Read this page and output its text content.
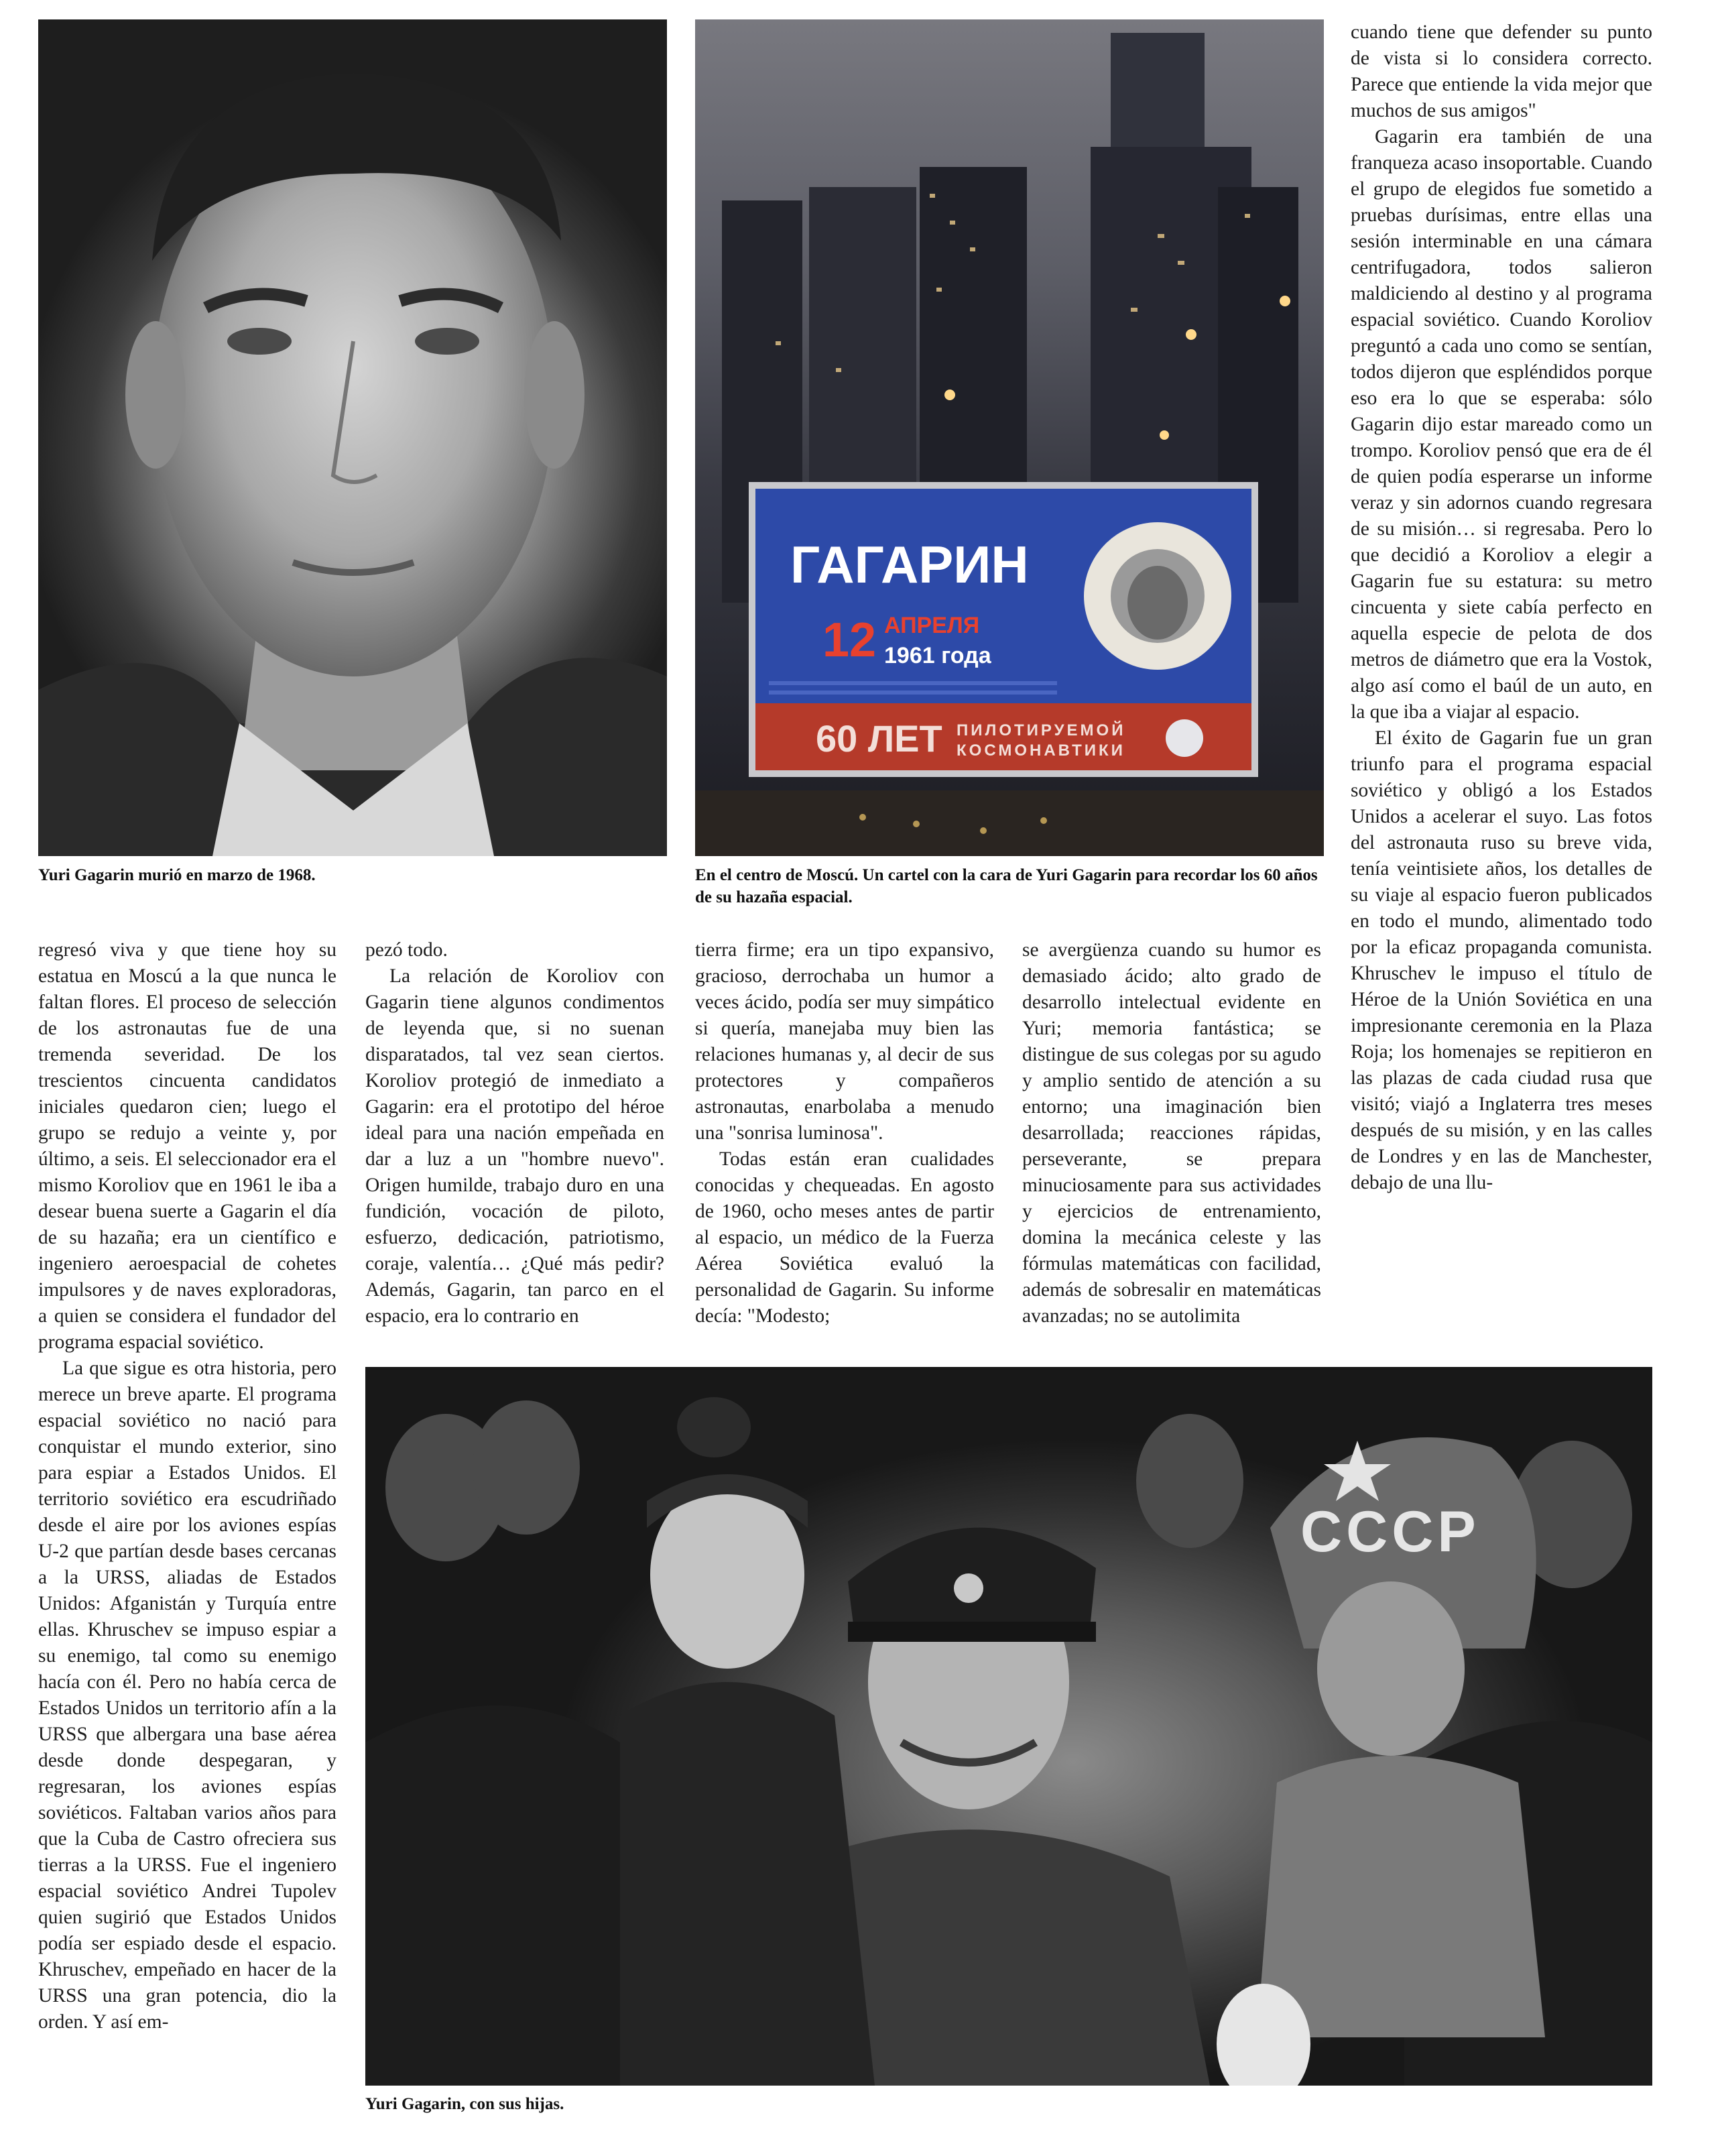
Yuri Gagarin murió en marzo de 1968.
ГАГАРИН
12 АПРЕЛЯ
1961 года
60 ЛЕТ ПИЛОТИРУЕМОЙ
КОСМОНАВТИКИ
En el centro de Moscú. Un cartel con la cara de Yuri Gagarin para recordar los 60 años de su hazaña espacial.
СССР
Yuri Gagarin, con sus hijas.

regresó viva y que tiene hoy su estatua en Moscú a la que nunca le faltan flores. El proceso de selección de los astronautas fue de una tremenda severidad. De los trescientos cincuenta candidatos iniciales quedaron cien; luego el grupo se redujo a veinte y, por último, a seis. El seleccionador era el mismo Koroliov que en 1961 le iba a desear buena suerte a Gagarin el día de su hazaña; era un científico e ingeniero aeroespacial de cohetes impulsores y de naves exploradoras, a quien se considera el fundador del programa espacial soviético.

La que sigue es otra historia, pero merece un breve aparte. El programa espacial soviético no nació para conquistar el mundo exterior, sino para espiar a Estados Unidos. El territorio soviético era escudriñado desde el aire por los aviones espías U-2 que partían desde bases cercanas a la URSS, aliadas de Estados Unidos: Afganistán y Turquía entre ellas. Khruschev se impuso espiar a su enemigo, tal como su enemigo hacía con él. Pero no había cerca de Estados Unidos un territorio afín a la URSS que albergara una base aérea desde donde despegaran, y regresaran, los aviones espías soviéticos. Faltaban varios años para que la Cuba de Castro ofreciera sus tierras a la URSS. Fue el ingeniero espacial soviético Andrei Tupolev quien sugirió que Estados Unidos podía ser espiado desde el espacio. Khruschev, empeñado en hacer de la URSS una gran potencia, dio la orden. Y así em-

pezó todo.

La relación de Koroliov con Gagarin tiene algunos condimentos de leyenda que, si no suenan disparatados, tal vez sean ciertos. Koroliov protegió de inmediato a Gagarin: era el prototipo del héroe ideal para una nación empeñada en dar a luz a un "hombre nuevo". Origen humilde, trabajo duro en una fundición, vocación de piloto, esfuerzo, dedicación, patriotismo, coraje, valentía… ¿Qué más pedir? Además, Gagarin, tan parco en el espacio, era lo contrario en

tierra firme; era un tipo expansivo, gracioso, derrochaba un humor a veces ácido, podía ser muy simpático si quería, manejaba muy bien las relaciones humanas y, al decir de sus protectores y compañeros astronautas, enarbolaba a menudo una "sonrisa luminosa".

Todas están eran cualidades conocidas y chequeadas. En agosto de 1960, ocho meses antes de partir al espacio, un médico de la Fuerza Aérea Soviética evaluó la personalidad de Gagarin. Su informe decía: "Modesto;

se avergüenza cuando su humor es demasiado ácido; alto grado de desarrollo intelectual evidente en Yuri; memoria fantástica; se distingue de sus colegas por su agudo y amplio sentido de atención a su entorno; una imaginación bien desarrollada; reacciones rápidas, perseverante, se prepara minuciosamente para sus actividades y ejercicios de entrenamiento, domina la mecánica celeste y las fórmulas matemáticas con facilidad, además de sobresalir en matemáticas avanzadas; no se autolimita

cuando tiene que defender su punto de vista si lo considera correcto. Parece que entiende la vida mejor que muchos de sus amigos"

Gagarin era también de una franqueza acaso insoportable. Cuando el grupo de elegidos fue sometido a pruebas durísimas, entre ellas una sesión interminable en una cámara centrifugadora, todos salieron maldiciendo al destino y al programa espacial soviético. Cuando Koroliov preguntó a cada uno como se sentían, todos dijeron que espléndidos porque eso era lo que se esperaba: sólo Gagarin dijo estar mareado como un trompo. Koroliov pensó que era de él de quien podía esperarse un informe veraz y sin adornos cuando regresara de su misión… si regresaba. Pero lo que decidió a Koroliov a elegir a Gagarin fue su estatura: su metro cincuenta y siete cabía perfecto en aquella especie de pelota de dos metros de diámetro que era la Vostok, algo así como el baúl de un auto, en la que iba a viajar al espacio.

El éxito de Gagarin fue un gran triunfo para el programa espacial soviético y obligó a los Estados Unidos a acelerar el suyo. Las fotos del astronauta ruso su breve vida, tenía veintisiete años, los detalles de su viaje al espacio fueron publicados en todo el mundo, alimentado todo por la eficaz propaganda comunista. Khruschev le impuso el título de Héroe de la Unión Soviética en una impresionante ceremonia en la Plaza Roja; los homenajes se repitieron en las plazas de cada ciudad rusa que visitó; viajó a Inglaterra tres meses después de su misión, y en las calles de Londres y en las de Manchester, debajo de una llu-
